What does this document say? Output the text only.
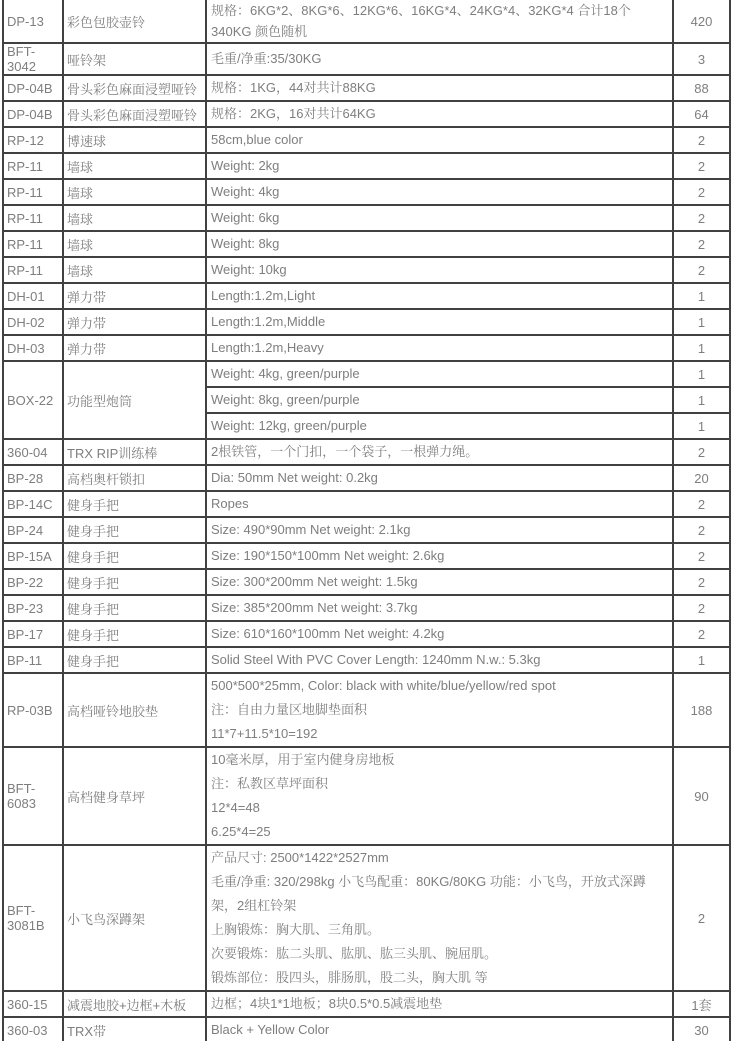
DP-13	彩色包胶壶铃	规格：6KG*2、8KG*6、12KG*6、16KG*4、24KG*4、32KG*4 合计18个340KG 颜色随机	420
BFT-3042	哑铃架	毛重/净重:35/30KG	3
DP-04B	骨头彩色麻面浸塑哑铃	规格：1KG，44对共计88KG	88
DP-04B	骨头彩色麻面浸塑哑铃	规格：2KG，16对共计64KG	64
RP-12	博速球	58cm,blue color	2
RP-11	墙球	Weight: 2kg	2
RP-11	墙球	Weight: 4kg	2
RP-11	墙球	Weight: 6kg	2
RP-11	墙球	Weight: 8kg	2
RP-11	墙球	Weight: 10kg	2
DH-01	弹力带	Length:1.2m,Light	1
DH-02	弹力带	Length:1.2m,Middle	1
DH-03	弹力带	Length:1.2m,Heavy	1
BOX-22	功能型炮筒	Weight: 4kg, green/purple	1

		Weight: 8kg, green/purple	1

		Weight: 12kg, green/purple	1
360-04	TRX RIP训练棒	2根铁管，一个门扣，一个袋子，一根弹力绳。	2
BP-28	高档奥杆锁扣	Dia: 50mm Net weight: 0.2kg	20
BP-14C	健身手把	Ropes	2
BP-24	健身手把	Size: 490*90mm Net weight: 2.1kg	2
BP-15A	健身手把	Size: 190*150*100mm Net weight: 2.6kg	2
BP-22	健身手把	Size: 300*200mm Net weight: 1.5kg	2
BP-23	健身手把	Size: 385*200mm Net weight: 3.7kg	2
BP-17	健身手把	Size: 610*160*100mm Net weight: 4.2kg	2
BP-11	健身手把	Solid Steel With PVC Cover Length: 1240mm N.w.: 5.3kg	1
RP-03B	高档哑铃地胶垫	500*500*25mm, Color: black with white/blue/yellow/red spot
注：自由力量区地脚垫面积
11*7+11.5*10=192	188
BFT-6083	高档健身草坪	10毫米厚，用于室内健身房地板
注：私教区草坪面积
12*4=48
6.25*4=25	90
BFT-3081B	小飞鸟深蹲架	产品尺寸: 2500*1422*2527mm
毛重/净重: 320/298kg 小飞鸟配重：80KG/80KG 功能：小飞鸟，开放式深蹲架，2组杠铃架
上胸锻炼：胸大肌、三角肌。
次要锻炼：肱二头肌、肱肌、肱三头肌、腕屈肌。
锻炼部位：股四头，腓肠肌，股二头，胸大肌 等	2
360-15	减震地胶+边框+木板	边框；4块1*1地板；8块0.5*0.5减震地垫	1套
360-03	TRX带	Black + Yellow Color	30
